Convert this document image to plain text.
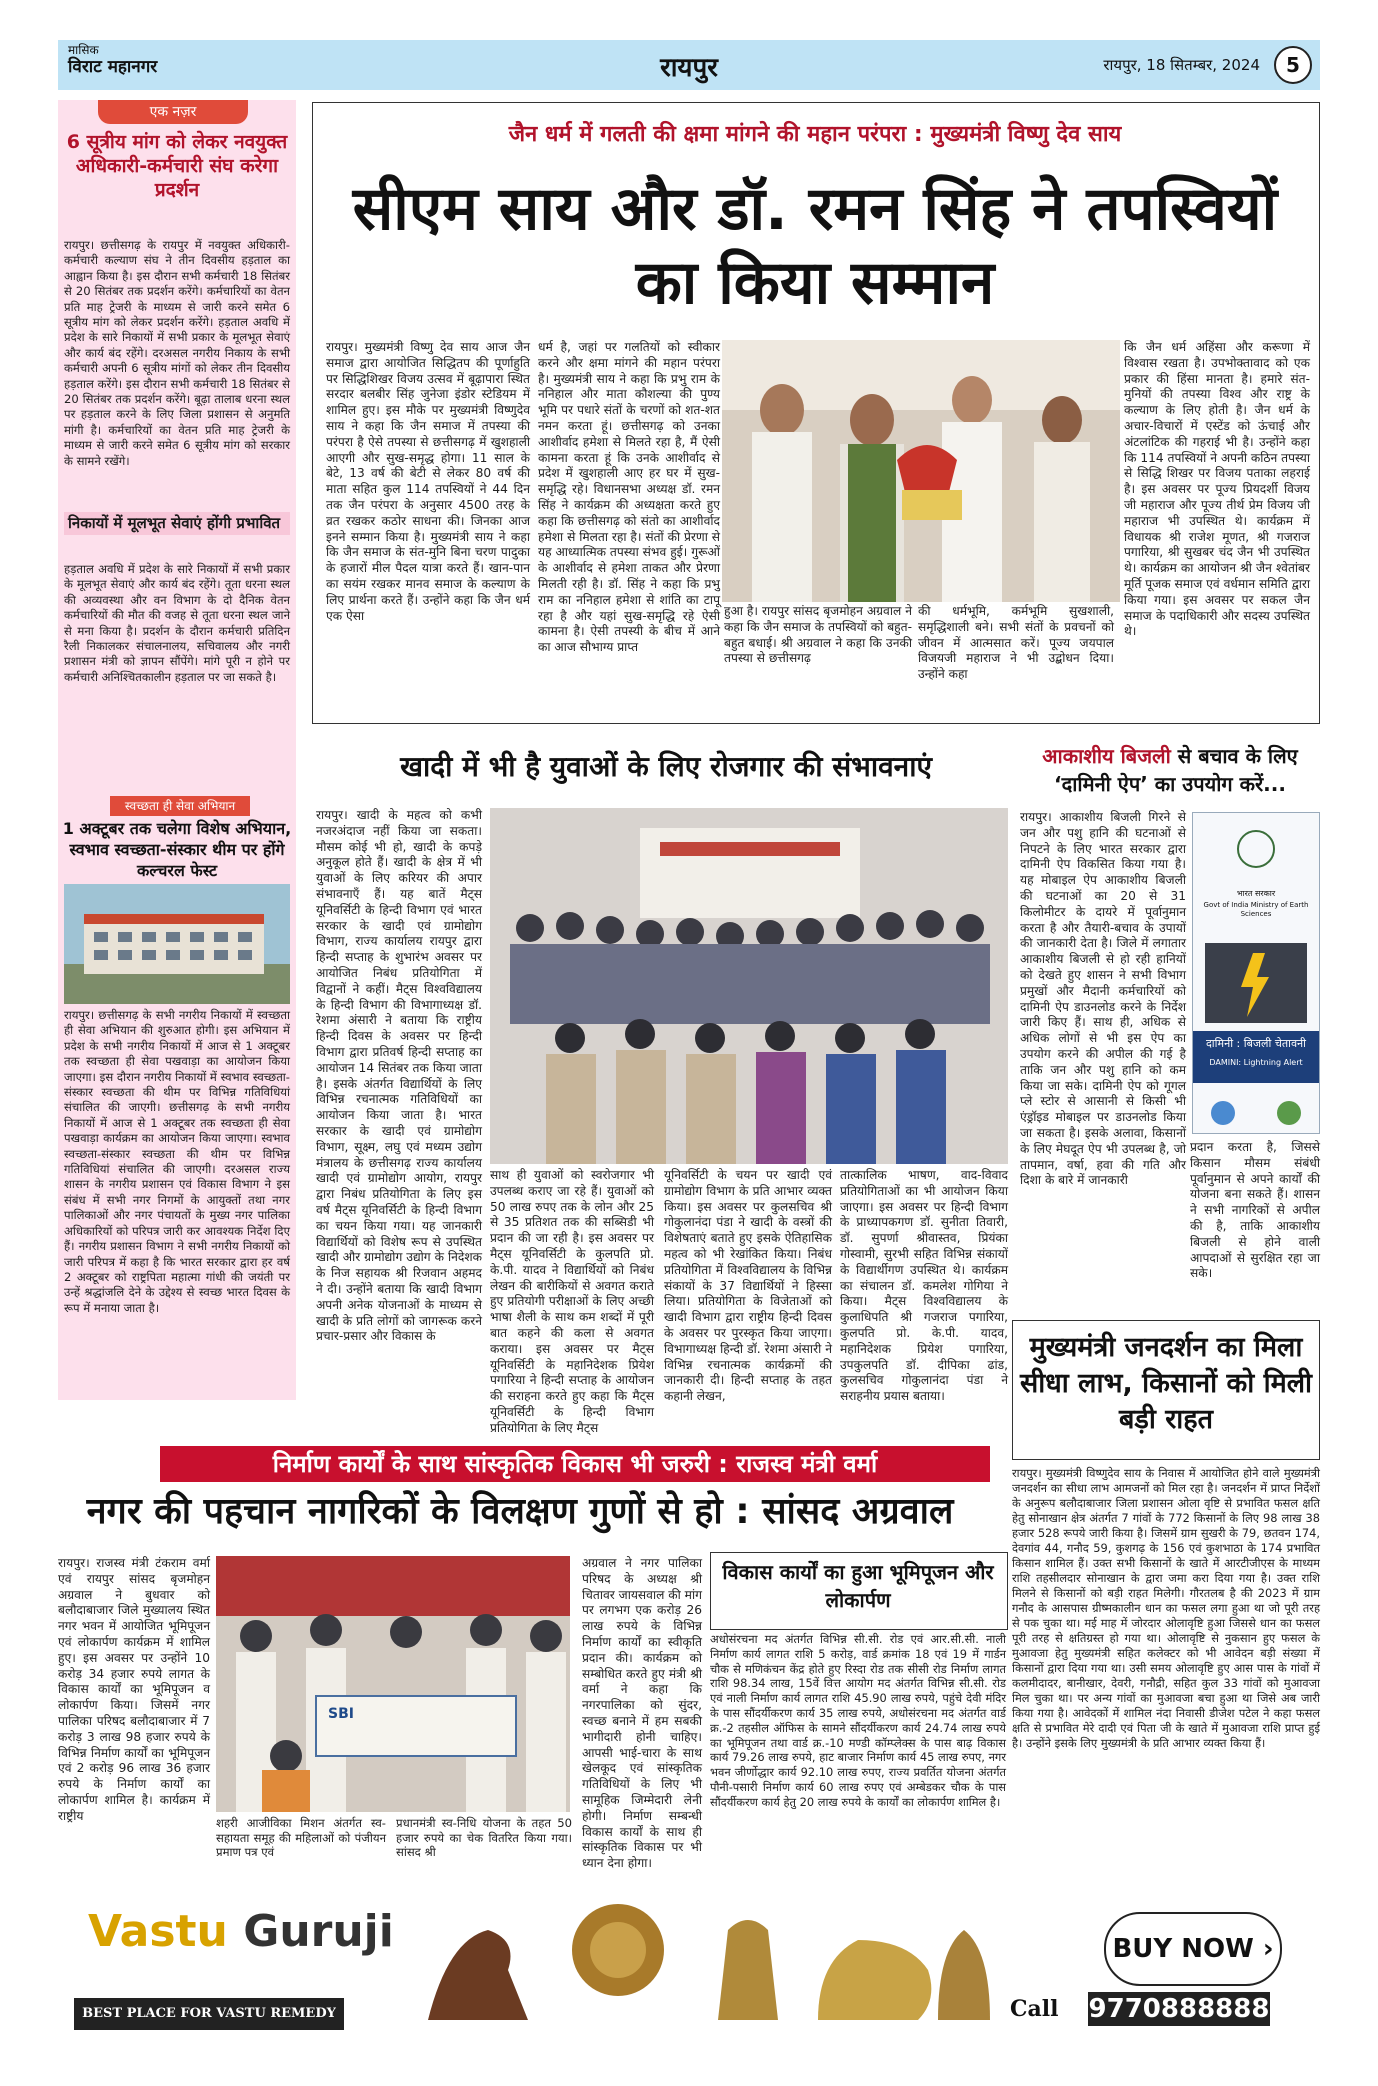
मासिक
विराट महानगर	रायपुर	रायपुर, 18 सितम्बर, 2024	5
एक नज़र
6 सूत्रीय मांग को लेकर नवयुक्त अधिकारी-कर्मचारी संघ करेगा प्रदर्शन
रायपुर। छत्तीसगढ़ के रायपुर में नवयुक्त अधिकारी-कर्मचारी कल्याण संघ ने तीन दिवसीय हड़ताल का आह्वान किया है। इस दौरान सभी कर्मचारी 18 सितंबर से 20 सितंबर तक प्रदर्शन करेंगे। कर्मचारियों का वेतन प्रति माह ट्रेजरी के माध्यम से जारी करने समेत 6 सूत्रीय मांग को लेकर प्रदर्शन करेंगे। हड़ताल अवधि में प्रदेश के सारे निकायों में सभी प्रकार के मूलभूत सेवाएं और कार्य बंद रहेंगे। दरअसल नगरीय निकाय के सभी कर्मचारी अपनी 6 सूत्रीय मांगों को लेकर तीन दिवसीय हड़ताल करेंगे। इस दौरान सभी कर्मचारी 18 सितंबर से 20 सितंबर तक प्रदर्शन करेंगे। बूढ़ा तालाब धरना स्थल पर हड़ताल करने के लिए जिला प्रशासन से अनुमति मांगी है। कर्मचारियों का वेतन प्रति माह ट्रेजरी के माध्यम से जारी करने समेत 6 सूत्रीय मांग को सरकार के सामने रखेंगे।
निकायों में मूलभूत सेवाएं होंगी प्रभावित
हड़ताल अवधि में प्रदेश के सारे निकायों में सभी प्रकार के मूलभूत सेवाएं और कार्य बंद रहेंगे। तूता धरना स्थल की अव्यवस्था और वन विभाग के दो दैनिक वेतन कर्मचारियों की मौत की वजह से तूता धरना स्थल जाने से मना किया है। प्रदर्शन के दौरान कर्मचारी प्रतिदिन रैली निकालकर संचालनालय, सचिवालय और नगरी प्रशासन मंत्री को ज्ञापन सौंपेंगे। मांगे पूरी न होने पर कर्मचारी अनिश्चितकालीन हड़ताल पर जा सकते है।
स्वच्छता ही सेवा अभियान
1 अक्टूबर तक चलेगा विशेष अभियान, स्वभाव स्वच्छता-संस्कार थीम पर होंगे कल्चरल फेस्ट
रायपुर। छत्तीसगढ़ के सभी नगरीय निकायों में स्वच्छता ही सेवा अभियान की शुरुआत होगी। इस अभियान में प्रदेश के सभी नगरीय निकायों में आज से 1 अक्टूबर तक स्वच्छता ही सेवा पखवाड़ा का आयोजन किया जाएगा। इस दौरान नगरीय निकायों में स्वभाव स्वच्छता-संस्कार स्वच्छता की थीम पर विभिन्न गतिविधियां संचालित की जाएगी। छत्तीसगढ़ के सभी नगरीय निकायों में आज से 1 अक्टूबर तक स्वच्छता ही सेवा पखवाड़ा कार्यक्रम का आयोजन किया जाएगा। स्वभाव स्वच्छता-संस्कार स्वच्छता की थीम पर विभिन्न गतिविधियां संचालित की जाएगी। दरअसल राज्य शासन के नगरीय प्रशासन एवं विकास विभाग ने इस संबंध में सभी नगर निगमों के आयुक्तों तथा नगर पालिकाओं और नगर पंचायतों के मुख्य नगर पालिका अधिकारियों को परिपत्र जारी कर आवश्यक निर्देश दिए हैं। नगरीय प्रशासन विभाग ने सभी नगरीय निकायों को जारी परिपत्र में कहा है कि भारत सरकार द्वारा हर वर्ष 2 अक्टूबर को राष्ट्रपिता महात्मा गांधी की जयंती पर उन्हें श्रद्धांजलि देने के उद्देश्य से स्वच्छ भारत दिवस के रूप में मनाया जाता है।
जैन धर्म में गलती की क्षमा मांगने की महान परंपरा : मुख्यमंत्री विष्णु देव साय
सीएम साय और डॉ. रमन सिंह ने तपस्वियों का किया सम्मान
रायपुर। मुख्यमंत्री विष्णु देव साय आज जैन समाज द्वारा आयोजित सिद्धितप की पूर्णाहुति पर सिद्धिशिखर विजय उत्सव में बूढ़ापारा स्थित सरदार बलबीर सिंह जुनेजा इंडोर स्टेडियम में शामिल हुए। इस मौके पर मुख्यमंत्री विष्णुदेव साय ने कहा कि जैन समाज में तपस्या की परंपरा है ऐसे तपस्या से छत्तीसगढ़ में खुशहाली आएगी और सुख-समृद्ध होगा। 11 साल के बेटे, 13 वर्ष की बेटी से लेकर 80 वर्ष की माता सहित कुल 114 तपस्वियों ने 44 दिन तक जैन परंपरा के अनुसार 4500 तरह के व्रत रखकर कठोर साधना की। जिनका आज इनने सम्मान किया है। मुख्यमंत्री साय ने कहा कि जैन समाज के संत-मुनि बिना चरण पादुका के हजारों मील पैदल यात्रा करते हैं। खान-पान का सयंम रखकर मानव समाज के कल्याण के लिए प्रार्थना करते हैं। उन्होंने कहा कि जैन धर्म एक ऐसा
धर्म है, जहां पर गलतियों को स्वीकार करने और क्षमा मांगने की महान परंपरा है। मुख्यमंत्री साय ने कहा कि प्रभु राम के ननिहाल और माता कौशल्या की पुण्य भूमि पर पधारे संतों के चरणों को शत-शत नमन करता हूं। छत्तीसगढ़ को उनका आशीर्वाद हमेशा से मिलते रहा है, मैं ऐसी कामना करता हूं कि उनके आशीर्वाद से प्रदेश में खुशहाली आए हर घर में सुख-समृद्धि रहे। विधानसभा अध्यक्ष डॉ. रमन सिंह ने कार्यक्रम की अध्यक्षता करते हुए कहा कि छत्तीसगढ़ को संतो का आशीर्वाद हमेशा से मिलता रहा है। संतों की प्रेरणा से यह आध्यात्मिक तपस्या संभव हुई। गुरूओं के आशीर्वाद से हमेशा ताकत और प्रेरणा मिलती रही है। डॉ. सिंह ने कहा कि प्रभु राम का ननिहाल हमेशा से शांति का टापू रहा है और यहां सुख-समृद्धि रहे ऐसी कामना है। ऐसी तपस्यी के बीच में आने का आज सौभाग्य प्राप्त
हुआ है। रायपुर सांसद बृजमोहन अग्रवाल ने कहा कि जैन समाज के तपस्वियों को बहुत-बहुत बधाई। श्री अग्रवाल ने कहा कि उनकी तपस्या से छत्तीसगढ़
की धर्मभूमि, कर्मभूमि सुखशाली, समृद्धिशाली बने। सभी संतों के प्रवचनों को जीवन में आत्मसात करें। पूज्य जयपाल विजयजी महाराज ने भी उद्बोधन दिया। उन्होंने कहा
कि जैन धर्म अहिंसा और करूणा में विश्वास रखता है। उपभोक्तावाद को एक प्रकार की हिंसा मानता है। हमारे संत-मुनियों की तपस्या विश्व और राष्ट्र के कल्याण के लिए होती है। जैन धर्म के अचार-विचारों में एस्टेंड को ऊंचाई और अंटलांटिक की गहराई भी है। उन्होंने कहा कि 114 तपस्वियों ने अपनी कठिन तपस्या से सिद्धि शिखर पर विजय पताका लहराई है। इस अवसर पर पूज्य प्रियदर्शी विजय जी महाराज और पूज्य तीर्थ प्रेम विजय जी महाराज भी उपस्थित थे। कार्यक्रम में विधायक श्री राजेश मूणत, श्री गजराज पगारिया, श्री सुखबर चंद जैन भी उपस्थित थे। कार्यक्रम का आयोजन श्री जैन श्वेतांबर मूर्ति पूजक समाज एवं वर्धमान समिति द्वारा किया गया। इस अवसर पर सकल जैन समाज के पदाधिकारी और सदस्य उपस्थित थे।
खादी में भी है युवाओं के लिए रोजगार की संभावनाएं
रायपुर। खादी के महत्व को कभी नजरअंदाज नहीं किया जा सकता। मौसम कोई भी हो, खादी के कपड़े अनुकूल होते हैं। खादी के क्षेत्र में भी युवाओं के लिए करियर की अपार संभावनाएँ हैं। यह बातें मैट्स यूनिवर्सिटी के हिन्दी विभाग एवं भारत सरकार के खादी एवं ग्रामोद्योग विभाग, राज्य कार्यालय रायपुर द्वारा हिन्दी सप्ताह के शुभारंभ अवसर पर आयोजित निबंध प्रतियोगिता में विद्वानों ने कहीं। मैट्स विश्वविद्यालय के हिन्दी विभाग की विभागाध्यक्ष डॉ. रेशमा अंसारी ने बताया कि राष्ट्रीय हिन्दी दिवस के अवसर पर हिन्दी विभाग द्वारा प्रतिवर्ष हिन्दी सप्ताह का आयोजन 14 सितंबर तक किया जाता है। इसके अंतर्गत विद्यार्थियों के लिए विभिन्न रचनात्मक गतिविधियों का आयोजन किया जाता है। भारत सरकार के खादी एवं ग्रामोद्योग विभाग, सूक्ष्म, लघु एवं मध्यम उद्योग मंत्रालय के छत्तीसगढ़ राज्य कार्यालय खादी एवं ग्रामोद्योग आयोग, रायपुर द्वारा निबंध प्रतियोगिता के लिए इस वर्ष मैट्स यूनिवर्सिटी के हिन्दी विभाग का चयन किया गया। यह जानकारी विद्यार्थियों को विशेष रूप से उपस्थित खादी और ग्रामोद्योग उद्योग के निदेशक के निज सहायक श्री रिजवान अहमद ने दी। उन्होंने बताया कि खादी विभाग अपनी अनेक योजनाओं के माध्यम से खादी के प्रति लोगों को जागरूक करने प्रचार-प्रसार और विकास के
साथ ही युवाओं को स्वरोजगार भी उपलब्ध कराए जा रहे हैं। युवाओं को 50 लाख रुपए तक के लोन और 25 से 35 प्रतिशत तक की सब्सिडी भी प्रदान की जा रही है। इस अवसर पर मैट्स यूनिवर्सिटी के कुलपति प्रो. के.पी. यादव ने विद्यार्थियों को निबंध लेखन की बारीकियों से अवगत कराते हुए प्रतियोगी परीक्षाओं के लिए अच्छी भाषा शैली के साथ कम शब्दों में पूरी बात कहने की कला से अवगत कराया। इस अवसर पर मैट्स यूनिवर्सिटी के महानिदेशक प्रियेश पगारिया ने हिन्दी सप्ताह के आयोजन की सराहना करते हुए कहा कि मैट्स यूनिवर्सिटी के हिन्दी विभाग प्रतियोगिता के लिए मैट्स
यूनिवर्सिटी के चयन पर खादी एवं ग्रामोद्योग विभाग के प्रति आभार व्यक्त किया। इस अवसर पर कुलसचिव श्री गोकुलानंदा पंडा ने खादी के वस्त्रों की विशेषताएं बताते हुए इसके ऐतिहासिक महत्व को भी रेखांकित किया। निबंध प्रतियोगिता में विश्वविद्यालय के विभिन्न संकायों के 37 विद्यार्थियों ने हिस्सा लिया। प्रतियोगिता के विजेताओं को खादी विभाग द्वारा राष्ट्रीय हिन्दी दिवस के अवसर पर पुरस्कृत किया जाएगा। विभागाध्यक्ष हिन्दी डॉ. रेशमा अंसारी ने विभिन्न रचनात्मक कार्यक्रमों की जानकारी दी। हिन्दी सप्ताह के तहत कहानी लेखन,
तात्कालिक भाषण, वाद-विवाद प्रतियोगिताओं का भी आयोजन किया जाएगा। इस अवसर पर हिन्दी विभाग के प्राध्यापकगण डॉ. सुनीता तिवारी, डॉ. सुपर्णा श्रीवास्तव, प्रियंका गोस्वामी, सुरभी सहित विभिन्न संकायों के विद्यार्थीगण उपस्थित थे। कार्यक्रम का संचालन डॉ. कमलेश गोगिया ने किया। मैट्स विश्वविद्यालय के कुलाधिपति श्री गजराज पगारिया, कुलपति प्रो. के.पी. यादव, महानिदेशक प्रियेश पगारिया, उपकुलपति डॉ. दीपिका ढांड, कुलसचिव गोकुलानंदा पंडा ने सराहनीय प्रयास बताया।
आकाशीय बिजली से बचाव के लिए ‘दामिनी ऐप’ का उपयोग करें...
रायपुर। आकाशीय बिजली गिरने से जन और पशु हानि की घटनाओं से निपटने के लिए भारत सरकार द्वारा दामिनी ऐप विकसित किया गया है। यह मोबाइल ऐप आकाशीय बिजली की घटनाओं का 20 से 31 किलोमीटर के दायरे में पूर्वानुमान करता है और तैयारी-बचाव के उपायों की जानकारी देता है। जिले में लगातार आकाशीय बिजली से हो रही हानियों को देखते हुए शासन ने सभी विभाग प्रमुखों और मैदानी कर्मचारियों को दामिनी ऐप डाउनलोड करने के निर्देश जारी किए हैं। साथ ही, अधिक से अधिक लोगों से भी इस ऐप का उपयोग करने की अपील की गई है ताकि जन और पशु हानि को कम किया जा सके। दामिनी ऐप को गूगल प्ले स्टोर से आसानी से किसी भी एंड्रॉइड मोबाइल पर डाउनलोड किया जा सकता है। इसके अलावा, किसानों के लिए मेघदूत ऐप भी उपलब्ध है, जो तापमान, वर्षा, हवा की गति और दिशा के बारे में जानकारी
भारत सरकार
Govt of India Ministry of Earth Sciences
दामिनी : बिजली चेतावनी
DAMINI: Lightning Alert
प्रदान करता है, जिससे किसान मौसम संबंधी पूर्वानुमान से अपने कार्यों की योजना बना सकते हैं। शासन ने सभी नागरिकों से अपील की है, ताकि आकाशीय बिजली से होने वाली आपदाओं से सुरक्षित रहा जा सके।
मुख्यमंत्री जनदर्शन का मिला सीधा लाभ, किसानों को मिली बड़ी राहत
रायपुर। मुख्यमंत्री विष्णुदेव साय के निवास में आयोजित होने वाले मुख्यमंत्री जनदर्शन का सीधा लाभ आमजनों को मिल रहा है। जनदर्शन में प्राप्त निर्देशों के अनुरूप बलौदाबाजार जिला प्रशासन ओला वृष्टि से प्रभावित फसल क्षति हेतु सोनाखान क्षेत्र अंतर्गत 7 गांवों के 772 किसानों के लिए 98 लाख 38 हजार 528 रूपये जारी किया है। जिसमें ग्राम सुखरी के 79, छतवन 174, देवगांव 44, गनौद 59, कुशगढ़ के 156 एवं कुशभाठा के 174 प्रभावित किसान शामिल हैं। उक्त सभी किसानों के खाते में आरटीजीएस के माध्यम राशि तहसीलदार सोनाखान के द्वारा जमा करा दिया गया है। उक्त राशि मिलने से किसानों को बड़ी राहत मिलेगी। गौरतलब है की 2023 में ग्राम गनौद के आसपास ग्रीष्मकालीन धान का फसल लगा हुआ था जो पूरी तरह से पक चुका था। मई माह में जोरदार ओलावृष्टि हुआ जिससे धान का फसल पूरी तरह से क्षतिग्रस्त हो गया था। ओलावृष्टि से नुकसान हुए फसल के मुआवजा हेतु मुख्यमंत्री सहित कलेक्टर को भी आवेदन बड़ी संख्या में किसानों द्वारा दिया गया था। उसी समय ओलावृष्टि हुए आस पास के गांवों में कलमीदादर, बानीखार, देवरी, गनौद्री, सहित कुल 33 गांवों को मुआवजा मिल चुका था। पर अन्य गांवों का मुआवजा बचा हुआ था जिसे अब जारी किया गया है। आवेदकों में शामिल नंदा निवासी डीजेश पटेल ने कहा फसल क्षति से प्रभावित मेरे दादी एवं पिता जी के खाते में मुआवजा राशि प्राप्त हुई है। उन्होंने इसके लिए मुख्यमंत्री के प्रति आभार व्यक्त किया हैं।
निर्माण कार्यों के साथ सांस्कृतिक विकास भी जरुरी : राजस्व मंत्री वर्मा
नगर की पहचान नागरिकों के विलक्षण गुणों से हो : सांसद अग्रवाल
रायपुर। राजस्व मंत्री टंकराम वर्मा एवं रायपुर सांसद बृजमोहन अग्रवाल ने बुधवार को बलौदाबाजार जिले मुख्यालय स्थित नगर भवन में आयोजित भूमिपूजन एवं लोकार्पण कार्यक्रम में शामिल हुए। इस अवसर पर उन्होंने 10 करोड़ 34 हजार रुपये लागत के विकास कार्यों का भूमिपूजन व लोकार्पण किया। जिसमें नगर पालिका परिषद बलौदाबाजार में 7 करोड़ 3 लाख 98 हजार रुपये के विभिन्न निर्माण कार्यों का भूमिपूजन एवं 2 करोड़ 96 लाख 36 हजार रुपये के निर्माण कार्यों का लोकार्पण शामिल है। कार्यक्रम में राष्ट्रीय
SBI
शहरी आजीविका मिशन अंतर्गत स्व-सहायता समूह की महिलाओं को पंजीयन प्रमाण पत्र एवं
प्रधानमंत्री स्व-निधि योजना के तहत 50 हजार रुपये का चेक वितरित किया गया। सांसद श्री
अग्रवाल ने नगर पालिका परिषद के अध्यक्ष श्री चितावर जायसवाल की मांग पर लगभग एक करोड़ 26 लाख रुपये के विभिन्न निर्माण कार्यों का स्वीकृति प्रदान की। कार्यक्रम को सम्बोधित करते हुए मंत्री श्री वर्मा ने कहा कि नगरपालिका को सुंदर, स्वच्छ बनाने में हम सबकी भागीदारी होनी चाहिए। आपसी भाई-चारा के साथ खेलकूद एवं सांस्कृतिक गतिविधियों के लिए भी सामूहिक जिम्मेदारी लेनी होगी। निर्माण सम्बन्धी विकास कार्यों के साथ ही सांस्कृतिक विकास पर भी ध्यान देना होगा।
विकास कार्यों का हुआ भूमिपूजन और लोकार्पण
अधोसंरचना मद अंतर्गत विभिन्न सी.सी. रोड एवं आर.सी.सी. नाली निर्माण कार्य लागत राशि 5 करोड़, वार्ड क्रमांक 18 एवं 19 में गार्डन चौक से मणिकंचन केंद्र होते हुए रिस्दा रोड तक सीसी रोड निर्माण लागत राशि 98.34 लाख, 15वें वित्त आयोग मद अंतर्गत विभिन्न सी.सी. रोड एवं नाली निर्माण कार्य लागत राशि 45.90 लाख रुपये, पहुंचे देवी मंदिर के पास सौंदर्यीकरण कार्य 35 लाख रुपये, अधोसंरचना मद अंतर्गत वार्ड क्र.-2 तहसील ऑफिस के सामने सौंदर्यीकरण कार्य 24.74 लाख रुपये का भूमिपूजन तथा वार्ड क्र.-10 मण्डी कॉम्प्लेक्स के पास बाढ़ विकास कार्य 79.26 लाख रुपये, हाट बाजार निर्माण कार्य 45 लाख रुपए, नगर भवन जीर्णोद्धार कार्य 92.10 लाख रुपए, राज्य प्रवर्तित योजना अंतर्गत पौनी-पसारी निर्माण कार्य 60 लाख रुपए एवं अम्बेडकर चौक के पास सौंदर्यीकरण कार्य हेतु 20 लाख रुपये के कार्यों का लोकार्पण शामिल है।
Vastu Guruji
BEST PLACE FOR VASTU REMEDY
BUY NOW ›
Call 9770888888
